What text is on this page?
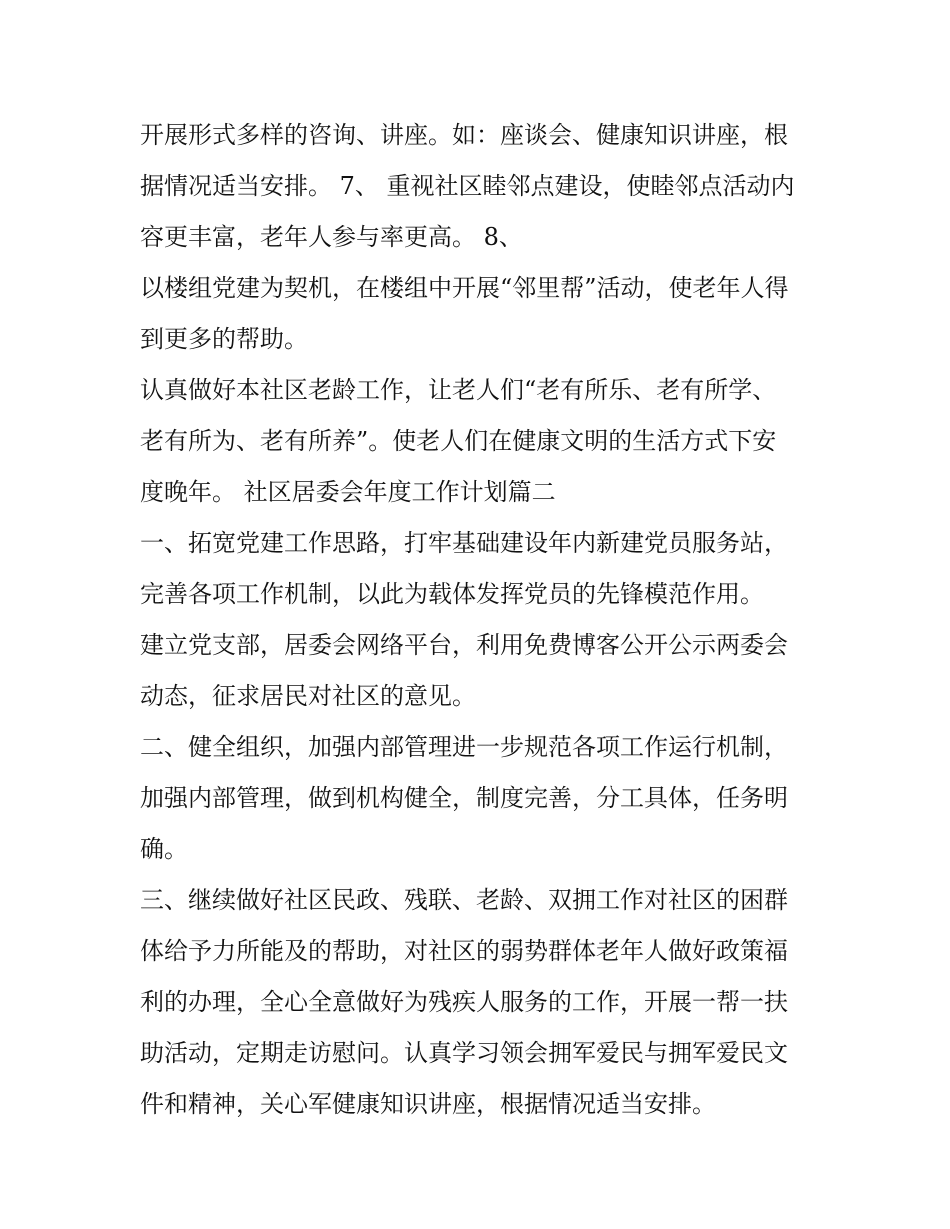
开展形式多样的咨询、讲座。如：座谈会、健康知识讲座，根
据情况适当安排。 7、 重视社区睦邻点建设，使睦邻点活动内
容更丰富，老年人参与率更高。 8、
以楼组党建为契机，在楼组中开展“邻里帮”活动，使老年人得
到更多的帮助。
认真做好本社区老龄工作，让老人们“老有所乐、老有所学、
老有所为、老有所养”。使老人们在健康文明的生活方式下安
度晚年。 社区居委会年度工作计划篇二
一、拓宽党建工作思路，打牢基础建设年内新建党员服务站，
完善各项工作机制，以此为载体发挥党员的先锋模范作用。
建立党支部，居委会网络平台，利用免费博客公开公示两委会
动态，征求居民对社区的意见。
二、健全组织，加强内部管理进一步规范各项工作运行机制，
加强内部管理，做到机构健全，制度完善，分工具体，任务明
确。
三、继续做好社区民政、残联、老龄、双拥工作对社区的困群
体给予力所能及的帮助，对社区的弱势群体老年人做好政策福
利的办理，全心全意做好为残疾人服务的工作，开展一帮一扶
助活动，定期走访慰问。认真学习领会拥军爱民与拥军爱民文
件和精神，关心军健康知识讲座，根据情况适当安排。
